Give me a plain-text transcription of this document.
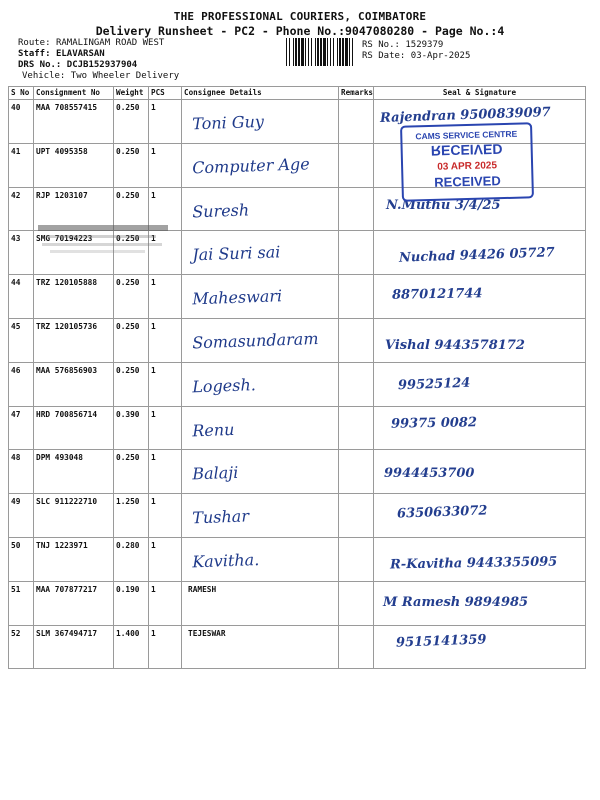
THE PROFESSIONAL COURIERS, COIMBATORE
Delivery Runsheet - PC2 - Phone No.:9047080280 - Page No.:4
Route: RAMALINGAM ROAD WEST
Staff: ELAVARSAN
DRS No.: DCJB152937904
Vehicle: Two Wheeler Delivery
RS No.: 1529379
RS Date: 03-Apr-2025
S No	Consignment No	Weight	PCS	Consignee Details	Remarks	Seal & Signature
40	MAA 708557415	0.250	1	Toni Guy		Rajendran 9500839097

41	UPT 4095358	0.250	1	Computer Age		

42	RJP 1203107	0.250	1	Suresh		N.Muthu 3/4/25

43	SMG 70194223	0.250	1	Jai Suri sai		Nuchad 94426 05727

44	TRZ 120105888	0.250	1	Maheswari		8870121744

45	TRZ 120105736	0.250	1	Somasundaram		Vishal 9443578172

46	MAA 576856903	0.250	1	Logesh.		99525124

47	HRD 700856714	0.390	1	Renu		99375 0082

48	DPM 493048	0.250	1	Balaji		9944453700

49	SLC 911222710	1.250	1	Tushar		6350633072

50	TNJ 1223971	0.280	1	Kavitha.		R-Kavitha 9443355095

51	MAA 707877217	0.190	1	RAMESH		M Ramesh 9894985

52	SLM 367494717	1.400	1	TEJESWAR		9515141359
CAMS SERVICE CENTRE
RECEIVED
03 APR 2025
RECEIVED
